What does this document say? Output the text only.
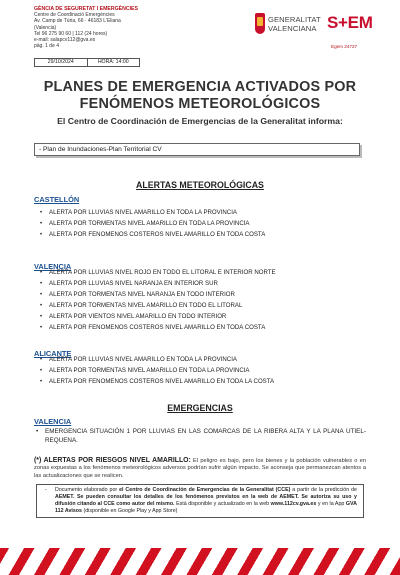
GÈNCIA DE SEGURETAT I EMERGÈNCIES
Centre de Coordinació Emergències
Av. Camp de Túria, 66 · 46183 L'Eliana (Valencia)
Tel 96 275 90 60 | 112 (24 hores)
e-mail: salapcv112@gva.es
pàg. 1 de 4
GENERALITAT
VALENCIANA S+EM
Egem 24727
29/10/2024	HORA: 14:00
PLANES DE EMERGENCIA ACTIVADOS POR
FENÓMENOS METEOROLÓGICOS
El Centro de Coordinación de Emergencias de la Generalitat informa:
- Plan de Inundaciones-Plan Territorial CV
ALERTAS METEOROLÓGICAS
CASTELLÓN
• ALERTA POR LLUVIAS NIVEL AMARILLO EN TODA LA PROVINCIA
• ALERTA POR TORMENTAS NIVEL AMARILLO EN TODA LA PROVINCIA
• ALERTA POR FENOMENOS COSTEROS NIVEL AMARILLO EN TODA COSTA
VALENCIA
• ALERTA POR LLUVIAS NIVEL ROJO EN TODO EL LITORAL E INTERIOR NORTE
• ALERTA POR LLUVIAS NIVEL NARANJA EN INTERIOR SUR
• ALERTA POR TORMENTAS NIVEL NARANJA EN TODO INTERIOR
• ALERTA POR TORMENTAS NIVEL AMARILLO EN TODO EL LITORAL
• ALERTA POR VIENTOS NIVEL AMARILLO EN TODO INTERIOR
• ALERTA POR FENOMENOS COSTEROS NIVEL AMARILLO EN TODA COSTA
ALICANTE
• ALERTA POR LLUVIAS NIVEL AMARILLO EN TODA LA PROVINCIA
• ALERTA POR TORMENTAS NIVEL AMARILLO EN TODA LA PROVINCIA
• ALERTA POR FENOMENOS COSTEROS NIVEL AMARILLO EN TODA LA COSTA
EMERGENCIAS
VALENCIA
•	EMERGENCIA SITUACIÓN 1 POR LLUVIAS EN LAS COMARCAS DE LA RIBERA ALTA Y LA PLANA UTIEL-REQUENA.
(*) ALERTAS POR RIESGOS NIVEL AMARILLO: El peligro es bajo, pero los bienes y la población vulnerables o en zonas expuestas a los fenómenos meteorológicos adversos podrían sufrir algún impacto. Se aconseja que permanezcan atentos a las actualizaciones que se realicen.
- Documento elaborado por el Centro de Coordinación de Emergencias de la Generalitat (CCE) a partir de la predicción de AEMET. Se pueden consultar los detalles de los fenómenos previstos en la web de AEMET. Se autoriza su uso y difusión citando al CCE como autor del mismo. Está disponible y actualizado en la web www.112cv.gva.es y en la App GVA 112 Avisos (disponible en Google Play y App Store)
